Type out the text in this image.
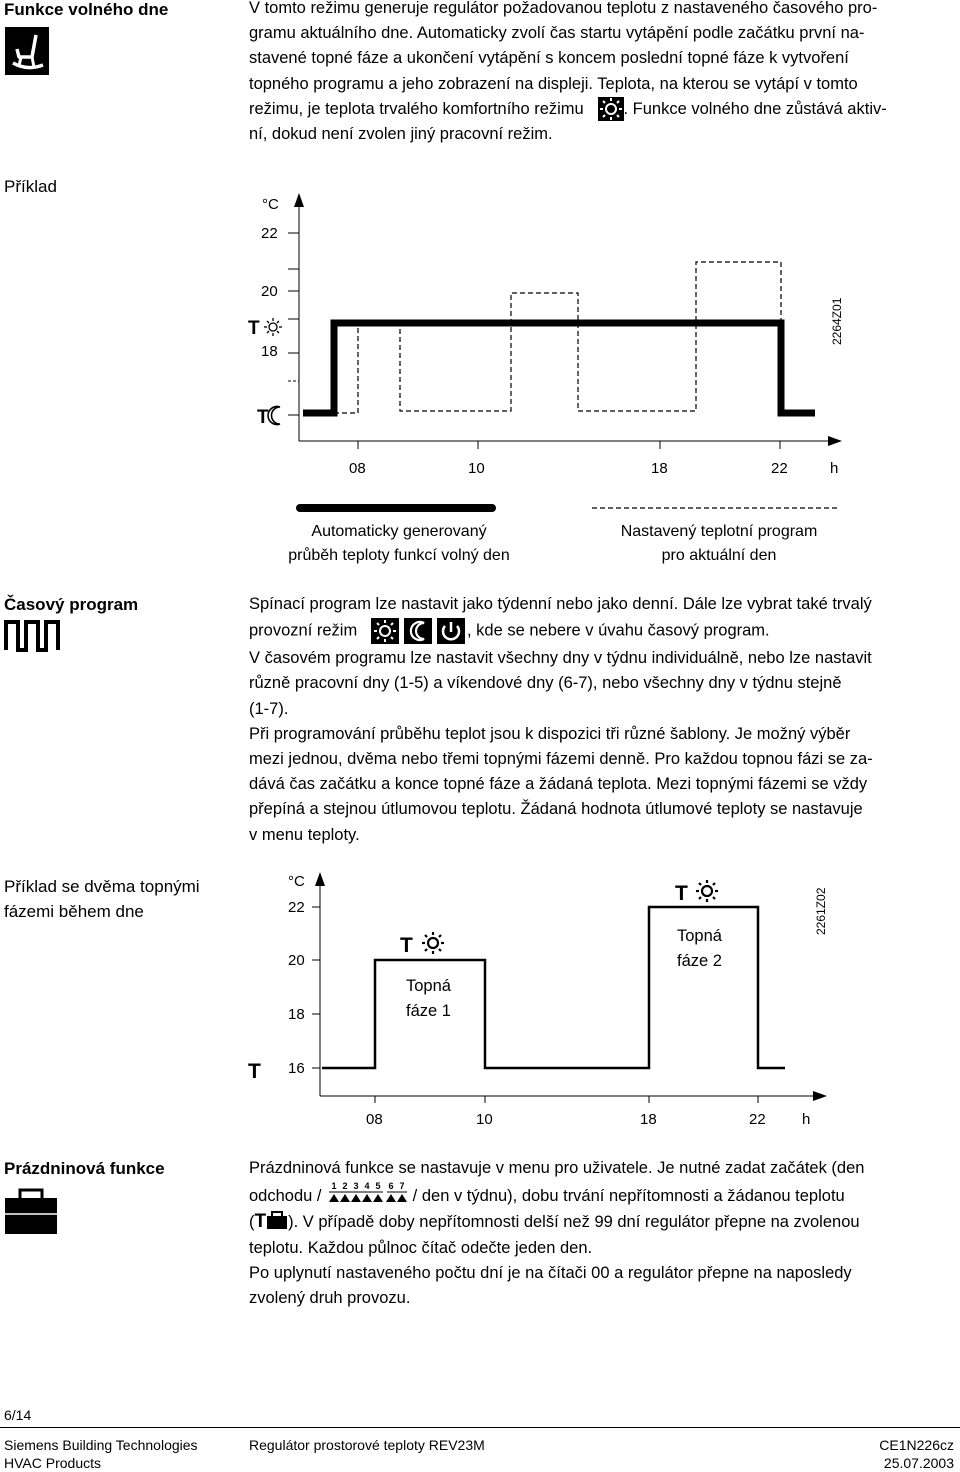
Funkce volného dne	V tomto režimu generuje regulátor požadovanou teplotu z nastaveného časového pro-

gramu aktuálního dne. Automaticky zvolí čas startu vytápění podle začátku první na-

stavené topné fáze a ukončení vytápění s koncem poslední topné fáze k vytvoření

topného programu a jeho zobrazení na displeji. Teplota, na kterou se vytápí v tomto

režimu, je teplota trvalého komfortního režimu . Funkce volného dne zůstává aktiv-

ní, dokud není zvolen jiný pracovní režim.

Příklad
°C
22
20
18
T
T
08	10	18	22	h
2264Z01
Automaticky generovaný
průběh teploty funkcí volný den
Nastavený teplotní program
pro aktuální den
Časový program	Spínací program lze nastavit jako týdenní nebo jako denní. Dále lze vybrat také trvalý

provozní režim	, kde se nebere v úvahu časový program.

V časovém programu lze nastavit všechny dny v týdnu individuálně, nebo lze nastavit

různě pracovní dny (1-5) a víkendové dny (6-7), nebo všechny dny v týdnu stejně

(1-7).

Při programování průběhu teplot jsou k dispozici tři různé šablony. Je možný výběr

mezi jednou, dvěma nebo třemi topnými fázemi denně. Pro každou topnou fázi se za-

dává čas začátku a konce topné fáze a žádaná teplota. Mezi topnými fázemi se vždy

přepíná a stejnou útlumovou teplotu. Žádaná hodnota útlumové teploty se nastavuje

v menu teploty.

Příklad se dvěma topnými
fázemi během dne
°C
22
20
18
16
T
T
T
Topná
fáze 1
Topná
fáze 2
2261Z02
08	10	18	22 h
Prázdninová funkce	Prázdninová funkce se nastavuje v menu pro uživatele. Je nutné zadat začátek (den

odchodu /
1 2 3 4 5 6 7
/ den v týdnu), dobu trvání nepřítomnosti a žádanou teplotu

(T ). V případě doby nepřítomnosti delší než 99 dní regulátor přepne na zvolenou

teplotu. Každou půlnoc čítač odečte jeden den.

Po uplynutí nastaveného počtu dní je na čítači 00 a regulátor přepne na naposledy

zvolený druh provozu.

6/14
Siemens Building Technologies
HVAC Products
Regulátor prostorové teploty REV23M	CE1N226cz
25.07.2003
